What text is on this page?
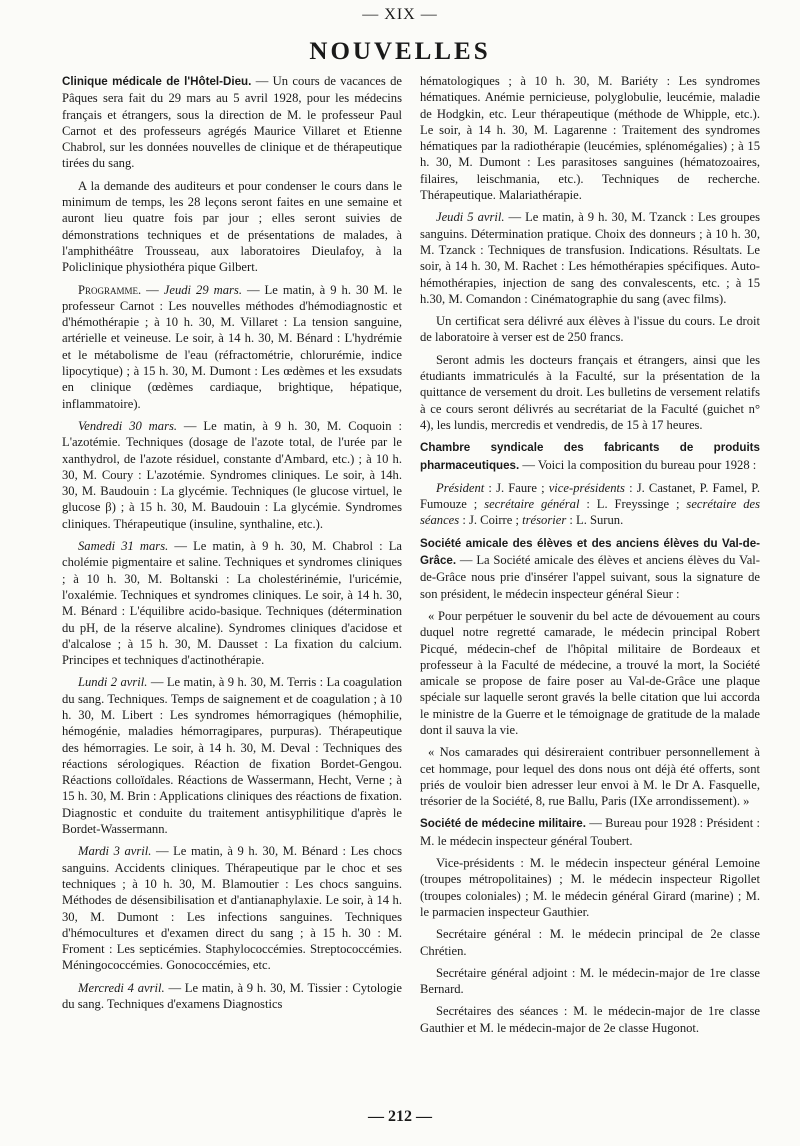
— XIX —
NOUVELLES

Clinique médicale de l'Hôtel-Dieu. — Un cours de vacances de Pâques sera fait du 29 mars au 5 avril 1928, pour les médecins français et étrangers, sous la direction de M. le professeur Paul Carnot et des professeurs agrégés Maurice Villaret et Etienne Chabrol, sur les données nouvelles de clinique et de thérapeutique tirées du sang.

A la demande des auditeurs et pour condenser le cours dans le minimum de temps, les 28 leçons seront faites en une semaine et auront lieu quatre fois par jour ; elles seront suivies de démonstrations techniques et de présentations de malades, à l'amphithéâtre Trousseau, aux laboratoires Dieulafoy, à la Policlinique physiothéra pique Gilbert.

Programme. — Jeudi 29 mars. — Le matin, à 9 h. 30 M. le professeur Carnot : Les nouvelles méthodes d'hémodiagnostic et d'hémothérapie ; à 10 h. 30, M. Villaret : La tension sanguine, artérielle et veineuse. Le soir, à 14 h. 30, M. Bénard : L'hydrémie et le métabolisme de l'eau (réfractométrie, chlorurémie, indice lipocytique) ; à 15 h. 30, M. Dumont : Les œdèmes et les exsudats en clinique (œdèmes cardiaque, brightique, hépatique, inflammatoire).

Vendredi 30 mars. — Le matin, à 9 h. 30, M. Coquoin : L'azotémie. Techniques (dosage de l'azote total, de l'urée par le xanthydrol, de l'azote résiduel, constante d'Ambard, etc.) ; à 10 h. 30, M. Coury : L'azotémie. Syndromes cliniques. Le soir, à 14h. 30, M. Baudouin : La glycémie. Techniques (le glucose virtuel, le glucose β) ; à 15 h. 30, M. Baudouin : La glycémie. Syndromes cliniques. Thérapeutique (insuline, synthaline, etc.).

Samedi 31 mars. — Le matin, à 9 h. 30, M. Chabrol : La cholémie pigmentaire et saline. Techniques et syndromes cliniques ; à 10 h. 30, M. Boltanski : La cholestérinémie, l'uricémie, l'oxalémie. Techniques et syndromes cliniques. Le soir, à 14 h. 30, M. Bénard : L'équilibre acido-basique. Techniques (détermination du pH, de la réserve alcaline). Syndromes cliniques d'acidose et d'alcalose ; à 15 h. 30, M. Dausset : La fixation du calcium. Principes et techniques d'actinothérapie.

Lundi 2 avril. — Le matin, à 9 h. 30, M. Terris : La coagulation du sang. Techniques. Temps de saignement et de coagulation ; à 10 h. 30, M. Libert : Les syndromes hémorragiques (hémophilie, hémogénie, maladies hémorragipares, purpuras). Thérapeutique des hémorragies. Le soir, à 14 h. 30, M. Deval : Techniques des réactions sérologiques. Réaction de fixation Bordet-Gengou. Réactions colloïdales. Réactions de Wassermann, Hecht, Verne ; à 15 h. 30, M. Brin : Applications cliniques des réactions de fixation. Diagnostic et conduite du traitement antisyphilitique d'après le Bordet-Wassermann.

Mardi 3 avril. — Le matin, à 9 h. 30, M. Bénard : Les chocs sanguins. Accidents cliniques. Thérapeutique par le choc et ses techniques ; à 10 h. 30, M. Blamoutier : Les chocs sanguins. Méthodes de désensibilisation et d'antianaphylaxie. Le soir, à 14 h. 30, M. Dumont : Les infections sanguines. Techniques d'hémocultures et d'examen direct du sang ; à 15 h. 30 : M. Froment : Les septicémies. Staphylococcémies. Streptococcémies. Méningococcémies. Gonococcémies, etc.

Mercredi 4 avril. — Le matin, à 9 h. 30, M. Tissier : Cytologie du sang. Techniques d'examens Diagnostics

hématologiques ; à 10 h. 30, M. Bariéty : Les syndromes hématiques. Anémie pernicieuse, polyglobulie, leucémie, maladie de Hodgkin, etc. Leur thérapeutique (méthode de Whipple, etc.). Le soir, à 14 h. 30, M. Lagarenne : Traitement des syndromes hématiques par la radiothérapie (leucémies, splénomégalies) ; à 15 h. 30, M. Dumont : Les parasitoses sanguines (hématozoaires, filaires, leischmania, etc.). Techniques de recherche. Thérapeutique. Malariathérapie.

Jeudi 5 avril. — Le matin, à 9 h. 30, M. Tzanck : Les groupes sanguins. Détermination pratique. Choix des donneurs ; à 10 h. 30, M. Tzanck : Techniques de transfusion. Indications. Résultats. Le soir, à 14 h. 30, M. Rachet : Les hémothérapies spécifiques. Auto-hémothérapies, injection de sang des convalescents, etc. ; à 15 h.30, M. Comandon : Cinématographie du sang (avec films).

Un certificat sera délivré aux élèves à l'issue du cours. Le droit de laboratoire à verser est de 250 francs.

Seront admis les docteurs français et étrangers, ainsi que les étudiants immatriculés à la Faculté, sur la présentation de la quittance de versement du droit. Les bulletins de versement relatifs à ce cours seront délivrés au secrétariat de la Faculté (guichet n° 4), les lundis, mercredis et vendredis, de 15 à 17 heures.

Chambre syndicale des fabricants de produits pharmaceutiques. — Voici la composition du bureau pour 1928 :

Président : J. Faure ; vice-présidents : J. Castanet, P. Famel, P. Fumouze ; secrétaire général : L. Freyssinge ; secrétaire des séances : J. Coirre ; trésorier : L. Surun.

Société amicale des élèves et des anciens élèves du Val-de-Grâce. — La Société amicale des élèves et anciens élèves du Val-de-Grâce nous prie d'insérer l'appel suivant, sous la signature de son président, le médecin inspecteur général Sieur :

« Pour perpétuer le souvenir du bel acte de dévouement au cours duquel notre regretté camarade, le médecin principal Robert Picqué, médecin-chef de l'hôpital militaire de Bordeaux et professeur à la Faculté de médecine, a trouvé la mort, la Société amicale se propose de faire poser au Val-de-Grâce une plaque spéciale sur laquelle seront gravés la belle citation que lui accorda le ministre de la Guerre et le témoignage de gratitude de la malade dont il sauva la vie.

« Nos camarades qui désireraient contribuer personnellement à cet hommage, pour lequel des dons nous ont déjà été offerts, sont priés de vouloir bien adresser leur envoi à M. le Dr A. Fasquelle, trésorier de la Société, 8, rue Ballu, Paris (IXe arrondissement). »

Société de médecine militaire. — Bureau pour 1928 : Président : M. le médecin inspecteur général Toubert.

Vice-présidents : M. le médecin inspecteur général Lemoine (troupes métropolitaines) ; M. le médecin inspecteur Rigollet (troupes coloniales) ; M. le médecin général Girard (marine) ; M. le parmacien inspecteur Gauthier.

Secrétaire général : M. le médecin principal de 2e classe Chrétien.

Secrétaire général adjoint : M. le médecin-major de 1re classe Bernard.

Secrétaires des séances : M. le médecin-major de 1re classe Gauthier et M. le médecin-major de 2e classe Hugonot.

— 212 —
